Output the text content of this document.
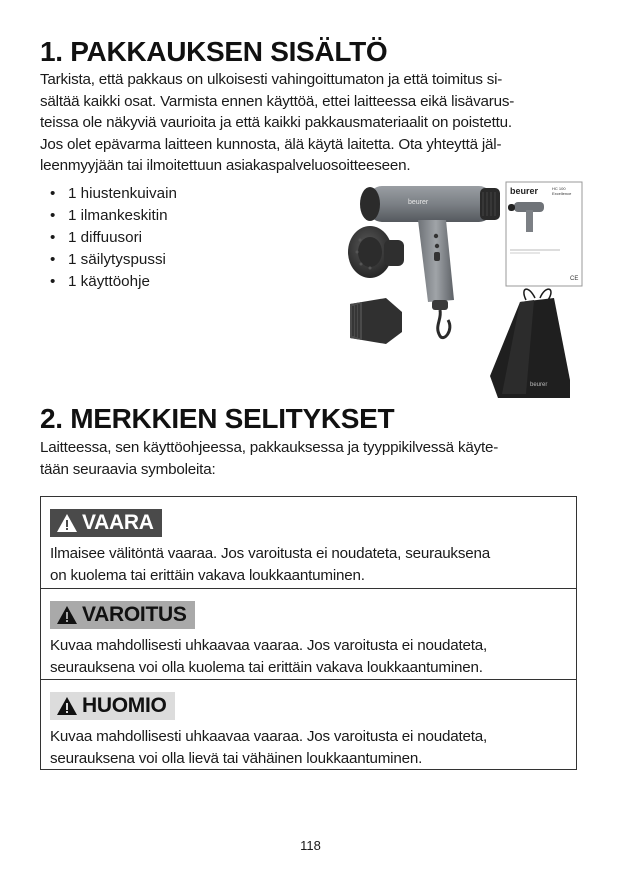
1. PAKKAUKSEN SISÄLTÖ
Tarkista, että pakkaus on ulkoisesti vahingoittumaton ja että toimitus si-
sältää kaikki osat. Varmista ennen käyttöä, ettei laitteessa eikä lisävarus-
teissa ole näkyviä vaurioita ja että kaikki pakkausmateriaalit on poistettu.
Jos olet epävarma laitteen kunnosta, älä käytä laitetta. Ota yhteyttä jäl-
leenmyyjään tai ilmoitettuun asiakaspalveluosoitteeseen.
• 1 hiustenkuivain
• 1 ilmankeskitin
• 1 diffuusori
• 1 säilytyspussi
• 1 käyttöohje
beurer
beurer	HC 100
Excellence
CE
beurer
2. MERKKIEN SELITYKSET
Laitteessa, sen käyttöohjeessa, pakkauksessa ja tyyppikilvessä käyte-
tään seuraavia symboleita:
VAARA
Ilmaisee välitöntä vaaraa. Jos varoitusta ei noudateta, seurauksena
on kuolema tai erittäin vakava loukkaantuminen.
VAROITUS
Kuvaa mahdollisesti uhkaavaa vaaraa. Jos varoitusta ei noudateta,
seurauksena voi olla kuolema tai erittäin vakava loukkaantuminen.
HUOMIO
Kuvaa mahdollisesti uhkaavaa vaaraa. Jos varoitusta ei noudateta,
seurauksena voi olla lievä tai vähäinen loukkaantuminen.
118
